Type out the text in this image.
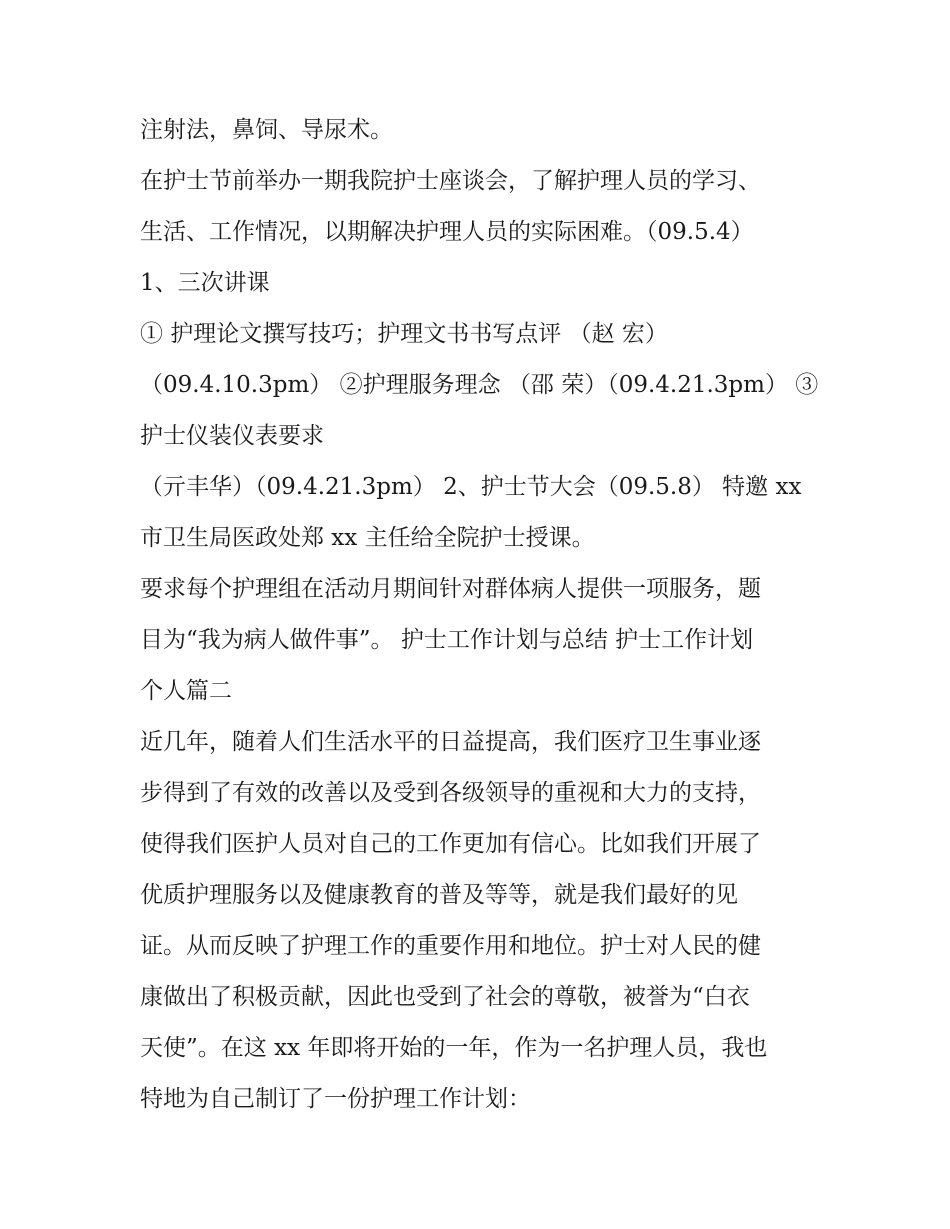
注射法，鼻饲、导尿术。
在护士节前举办一期我院护士座谈会，了解护理人员的学习、
生活、工作情况，以期解决护理人员的实际困难。（09.5.4）
1、三次讲课
① 护理论文撰写技巧；护理文书书写点评 （赵 宏）
（09.4.10.3pm） ②护理服务理念 （邵 荣）（09.4.21.3pm） ③
护士仪装仪表要求
（亓丰华）（09.4.21.3pm） 2、护士节大会（09.5.8） 特邀 xx
市卫生局医政处郑 xx 主任给全院护士授课。
要求每个护理组在活动月期间针对群体病人提供一项服务，题
目为“我为病人做件事”。 护士工作计划与总结 护士工作计划
个人篇二
近几年，随着人们生活水平的日益提高，我们医疗卫生事业逐
步得到了有效的改善以及受到各级领导的重视和大力的支持，
使得我们医护人员对自己的工作更加有信心。比如我们开展了
优质护理服务以及健康教育的普及等等，就是我们最好的见
证。从而反映了护理工作的重要作用和地位。护士对人民的健
康做出了积极贡献，因此也受到了社会的尊敬，被誉为“白衣
天使”。在这 xx 年即将开始的一年，作为一名护理人员，我也
特地为自己制订了一份护理工作计划：
